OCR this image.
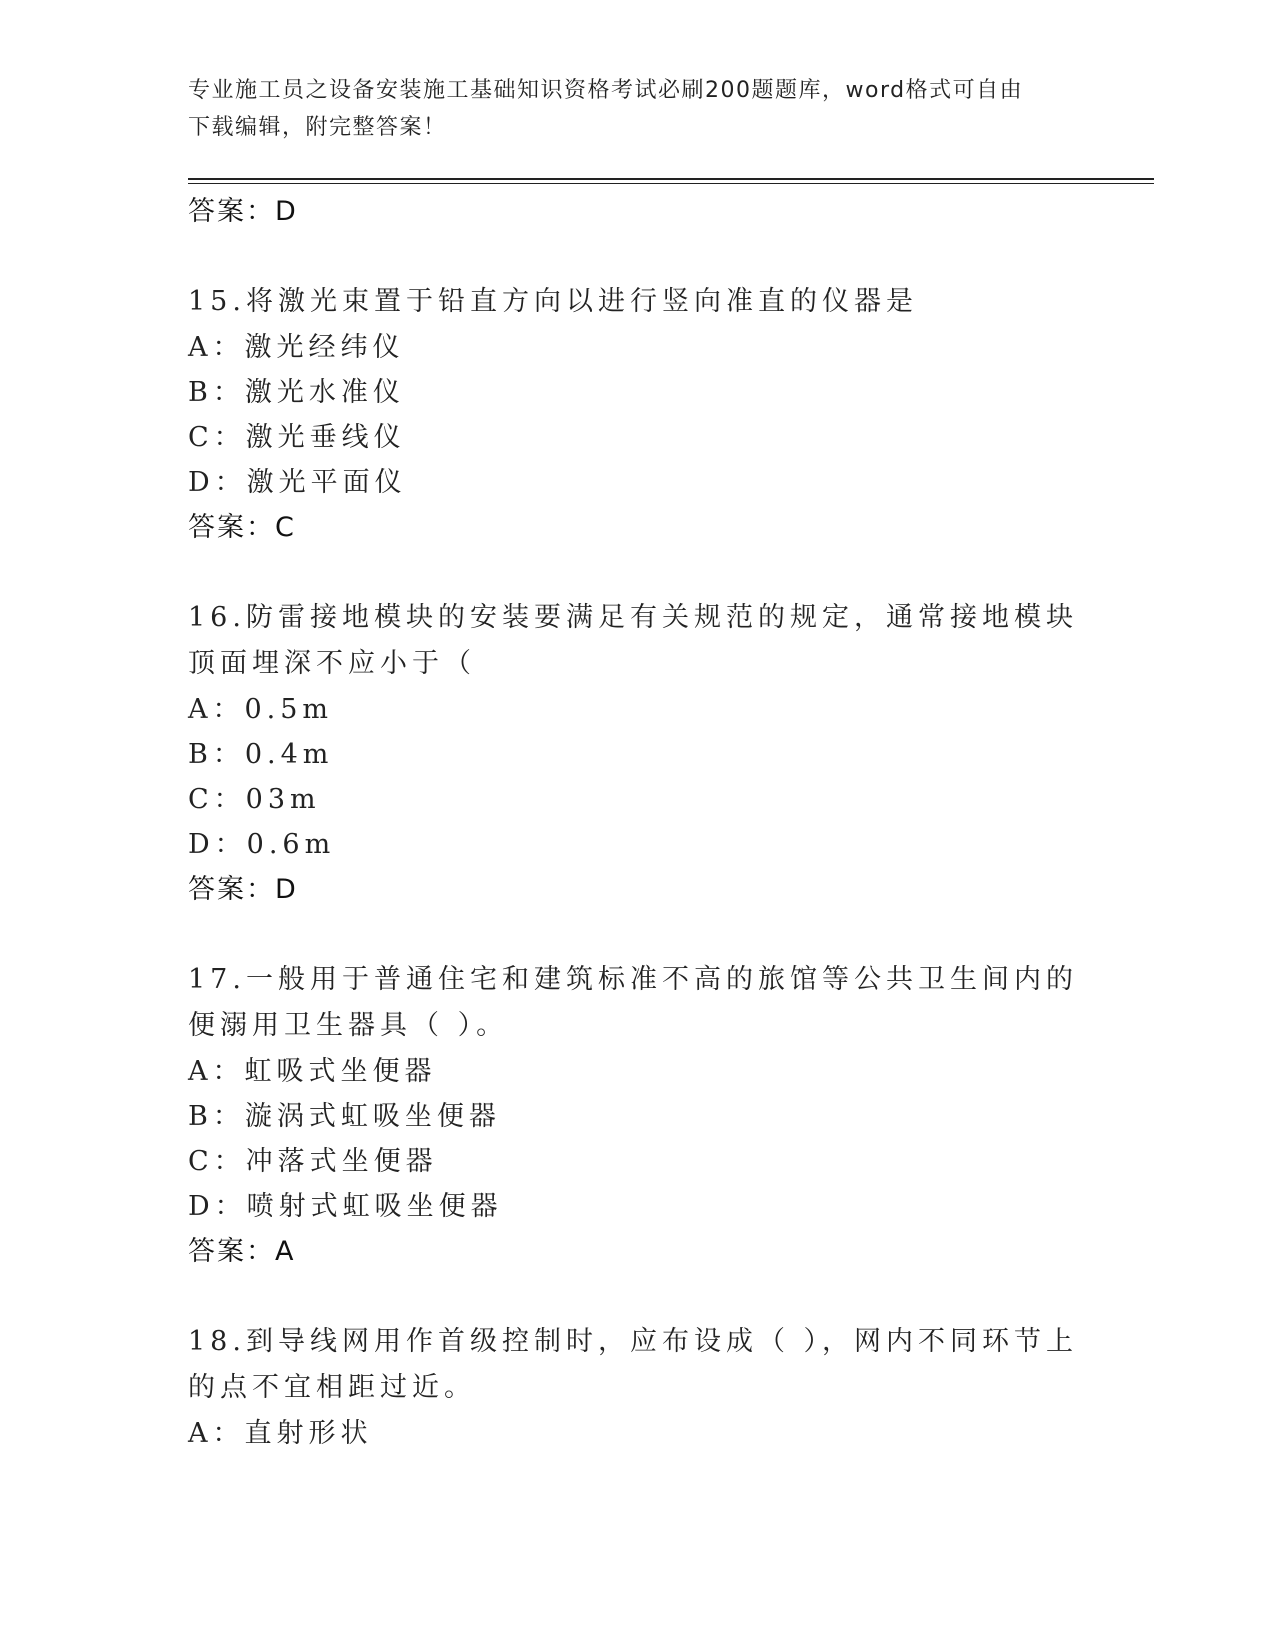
专业施工员之设备安装施工基础知识资格考试必刷200题题库，word格式可自由
下载编辑，附完整答案！
答案：D
15.将激光束置于铅直方向以进行竖向准直的仪器是
A：激光经纬仪
B：激光水准仪
C：激光垂线仪
D：激光平面仪
答案：C
16.防雷接地模块的安装要满足有关规范的规定，通常接地模块顶面埋深不应小于（
A：0.5m
B：0.4m
C：03m
D：0.6m
答案：D
17.一般用于普通住宅和建筑标准不高的旅馆等公共卫生间内的便溺用卫生器具（ ）。
A：虹吸式坐便器
B：漩涡式虹吸坐便器
C：冲落式坐便器
D：喷射式虹吸坐便器
答案：A
18.到导线网用作首级控制时，应布设成（ ），网内不同环节上的点不宜相距过近。
A：直射形状
